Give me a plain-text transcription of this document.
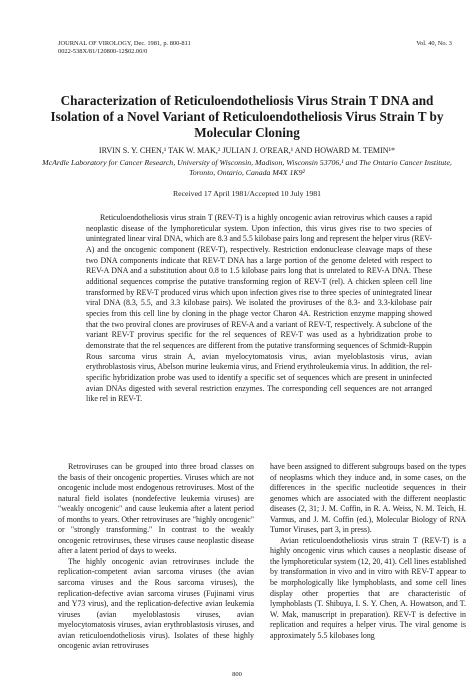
JOURNAL OF VIROLOGY, Dec. 1981, p. 800-811
0022-538X/81/120800-12$02.00/0
Vol. 40, No. 3
Characterization of Reticuloendotheliosis Virus Strain T DNA and Isolation of a Novel Variant of Reticuloendotheliosis Virus Strain T by Molecular Cloning
IRVIN S. Y. CHEN,¹ TAK W. MAK,² JULIAN J. O'REAR,¹ AND HOWARD M. TEMIN¹*
McArdle Laboratory for Cancer Research, University of Wisconsin, Madison, Wisconsin 53706,¹ and The Ontario Cancer Institute, Toronto, Ontario, Canada M4X 1K9²
Received 17 April 1981/Accepted 10 July 1981

Reticuloendotheliosis virus strain T (REV-T) is a highly oncogenic avian retrovirus which causes a rapid neoplastic disease of the lymphoreticular system. Upon infection, this virus gives rise to two species of unintegrated linear viral DNA, which are 8.3 and 5.5 kilobase pairs long and represent the helper virus (REV-A) and the oncogenic component (REV-T), respectively. Restriction endonuclease cleavage maps of these two DNA components indicate that REV-T DNA has a large portion of the genome deleted with respect to REV-A DNA and a substitution about 0.8 to 1.5 kilobase pairs long that is unrelated to REV-A DNA. These additional sequences comprise the putative transforming region of REV-T (rel). A chicken spleen cell line transformed by REV-T produced virus which upon infection gives rise to three species of unintegrated linear viral DNA (8.3, 5.5, and 3.3 kilobase pairs). We isolated the proviruses of the 8.3- and 3.3-kilobase pair species from this cell line by cloning in the phage vector Charon 4A. Restriction enzyme mapping showed that the two proviral clones are proviruses of REV-A and a variant of REV-T, respectively. A subclone of the variant REV-T provirus specific for the rel sequences of REV-T was used as a hybridization probe to demonstrate that the rel sequences are different from the putative transforming sequences of Schmidt-Ruppin Rous sarcoma virus strain A, avian myelocytomatosis virus, avian myeloblastosis virus, avian erythroblastosis virus, Abelson murine leukemia virus, and Friend erythroleukemia virus. In addition, the rel-specific hybridization probe was used to identify a specific set of sequences which are present in uninfected avian DNAs digested with several restriction enzymes. The corresponding cell sequences are not arranged like rel in REV-T.

Retroviruses can be grouped into three broad classes on the basis of their oncogenic properties. Viruses which are not oncogenic include most endogenous retroviruses. Most of the natural field isolates (nondefective leukemia viruses) are "weakly oncogenic" and cause leukemia after a latent period of months to years. Other retroviruses are "highly oncogenic" or "strongly transforming." In contrast to the weakly oncogenic retroviruses, these viruses cause neoplastic disease after a latent period of days to weeks.

The highly oncogenic avian retroviruses include the replication-competent avian sarcoma viruses (the avian sarcoma viruses and the Rous sarcoma viruses), the replication-defective avian sarcoma viruses (Fujinami virus and Y73 virus), and the replication-defective avian leukemia viruses (avian myeloblastosis viruses, avian myelocytomatosis viruses, avian erythroblastosis viruses, and avian reticuloendotheliosis virus). Isolates of these highly oncogenic avian retroviruses

have been assigned to different subgroups based on the types of neoplasms which they induce and, in some cases, on the differences in the specific nucleotide sequences in their genomes which are associated with the different neoplastic diseases (2, 31; J. M. Coffin, in R. A. Weiss, N. M. Teich, H. Varmus, and J. M. Coffin (ed.), Molecular Biology of RNA Tumor Viruses, part 3, in press).

Avian reticuloendotheliosis virus strain T (REV-T) is a highly oncogenic virus which causes a neoplastic disease of the lymphoreticular system (12, 20, 41). Cell lines established by transformation in vivo and in vitro with REV-T appear to be morphologically like lymphoblasts, and some cell lines display other properties that are characteristic of lymphoblasts (T. Shibuya, I. S. Y. Chen, A. Howatson, and T. W. Mak, manuscript in preparation). REV-T is defective in replication and requires a helper virus. The viral genome is approximately 5.5 kilobases long

800
